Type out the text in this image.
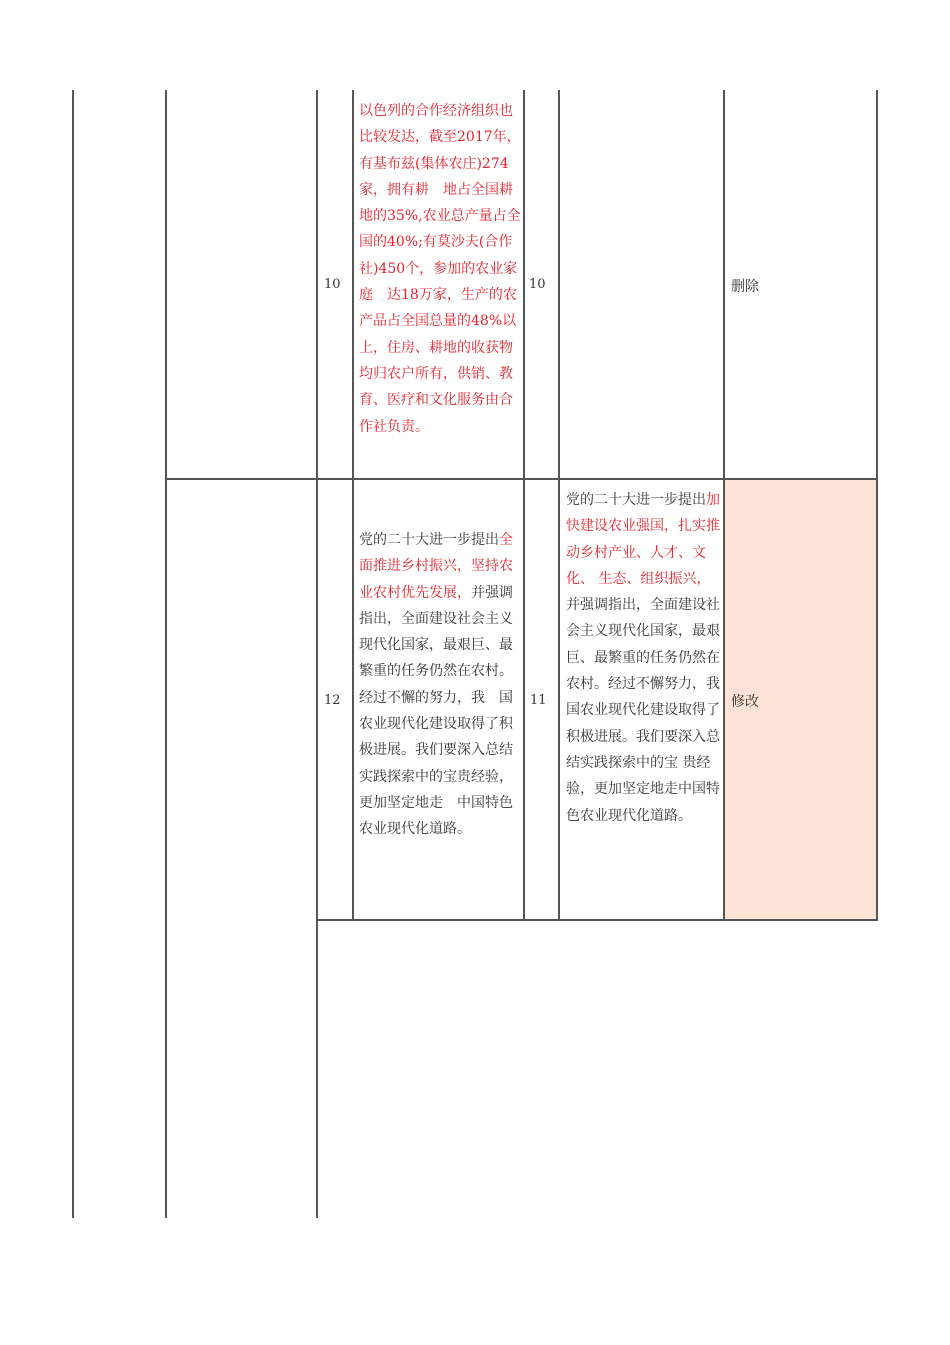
10
以色列的合作经济组织也比较发达，截至2017年，有基布兹(集体农庄)274家，拥有耕　地占全国耕地的35%,农业总产量占全国的40%;有莫沙夫(合作社)450个，参加的农业家庭　达18万家，生产的农产品占全国总量的48%以上，住房、耕地的收获物均归农户所有，供销、教育、医疗和文化服务由合作社负责。
10	删除
12
党的二十大进一步提出全面推进乡村振兴，坚持农业农村优先发展，并强调指出，全面建设社会主义现代化国家，最艰巨、最繁重的任务仍然在农村。经过不懈的努力，我　国农业现代化建设取得了积极进展。我们要深入总结实践探索中的宝贵经验，更加坚定地走　中国特色农业现代化道路。
11
党的二十大进一步提出加快建设农业强国，扎实推动乡村产业、人才、文化、 生态、组织振兴，并强调指出，全面建设社会主义现代化国家，最艰巨、最繁重的任务仍然在农村。经过不懈努力，我国农业现代化建设取得了积极进展。我们要深入总结实践探索中的宝 贵经验，更加坚定地走中国特色农业现代化道路。
修改
